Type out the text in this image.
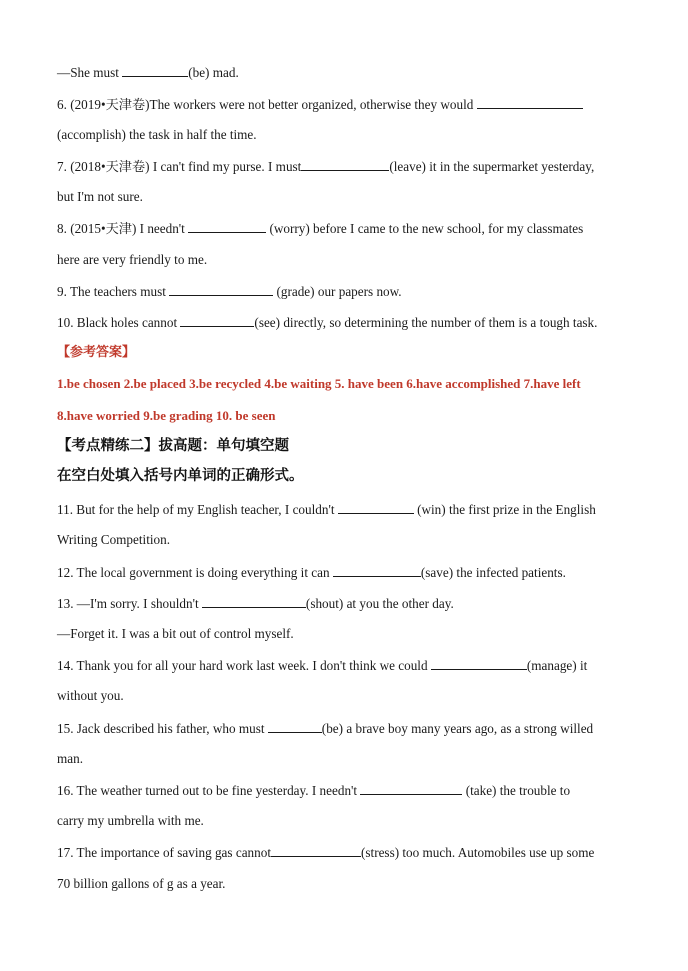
—She must	(be) mad.
6. (2019•天津卷)The workers were not better organized, otherwise they would
(accomplish) the task in half the time.
7. (2018•天津卷) I can't find my purse. I must	(leave) it in the supermarket yesterday,
but I'm not sure.
8. (2015•天津) I needn't	(worry) before I came to the new school, for my classmates
here are very friendly to me.
9. The teachers must	(grade) our papers now.
10. Black holes cannot	(see) directly, so determining the number of them is a tough task.
【参考答案】
1.be chosen 2.be placed 3.be recycled 4.be waiting 5. have been 6.have accomplished 7.have left
8.have worried 9.be grading 10. be seen
【考点精练二】拔高题：单句填空题
在空白处填入括号内单词的正确形式。
11. But for the help of my English teacher, I couldn't	(win) the first prize in the English
Writing Competition.
12. The local government is doing everything it can	(save) the infected patients.
13. —I'm sorry. I shouldn't	(shout) at you the other day.
—Forget it. I was a bit out of control myself.
14. Thank you for all your hard work last week. I don't think we could	(manage) it
without you.
15. Jack described his father, who must	(be) a brave boy many years ago, as a strong willed
man.
16. The weather turned out to be fine yesterday. I needn't	(take) the trouble to
carry my umbrella with me.
17. The importance of saving gas cannot	(stress) too much. Automobiles use up some
70 billion gallons of g as a year.
